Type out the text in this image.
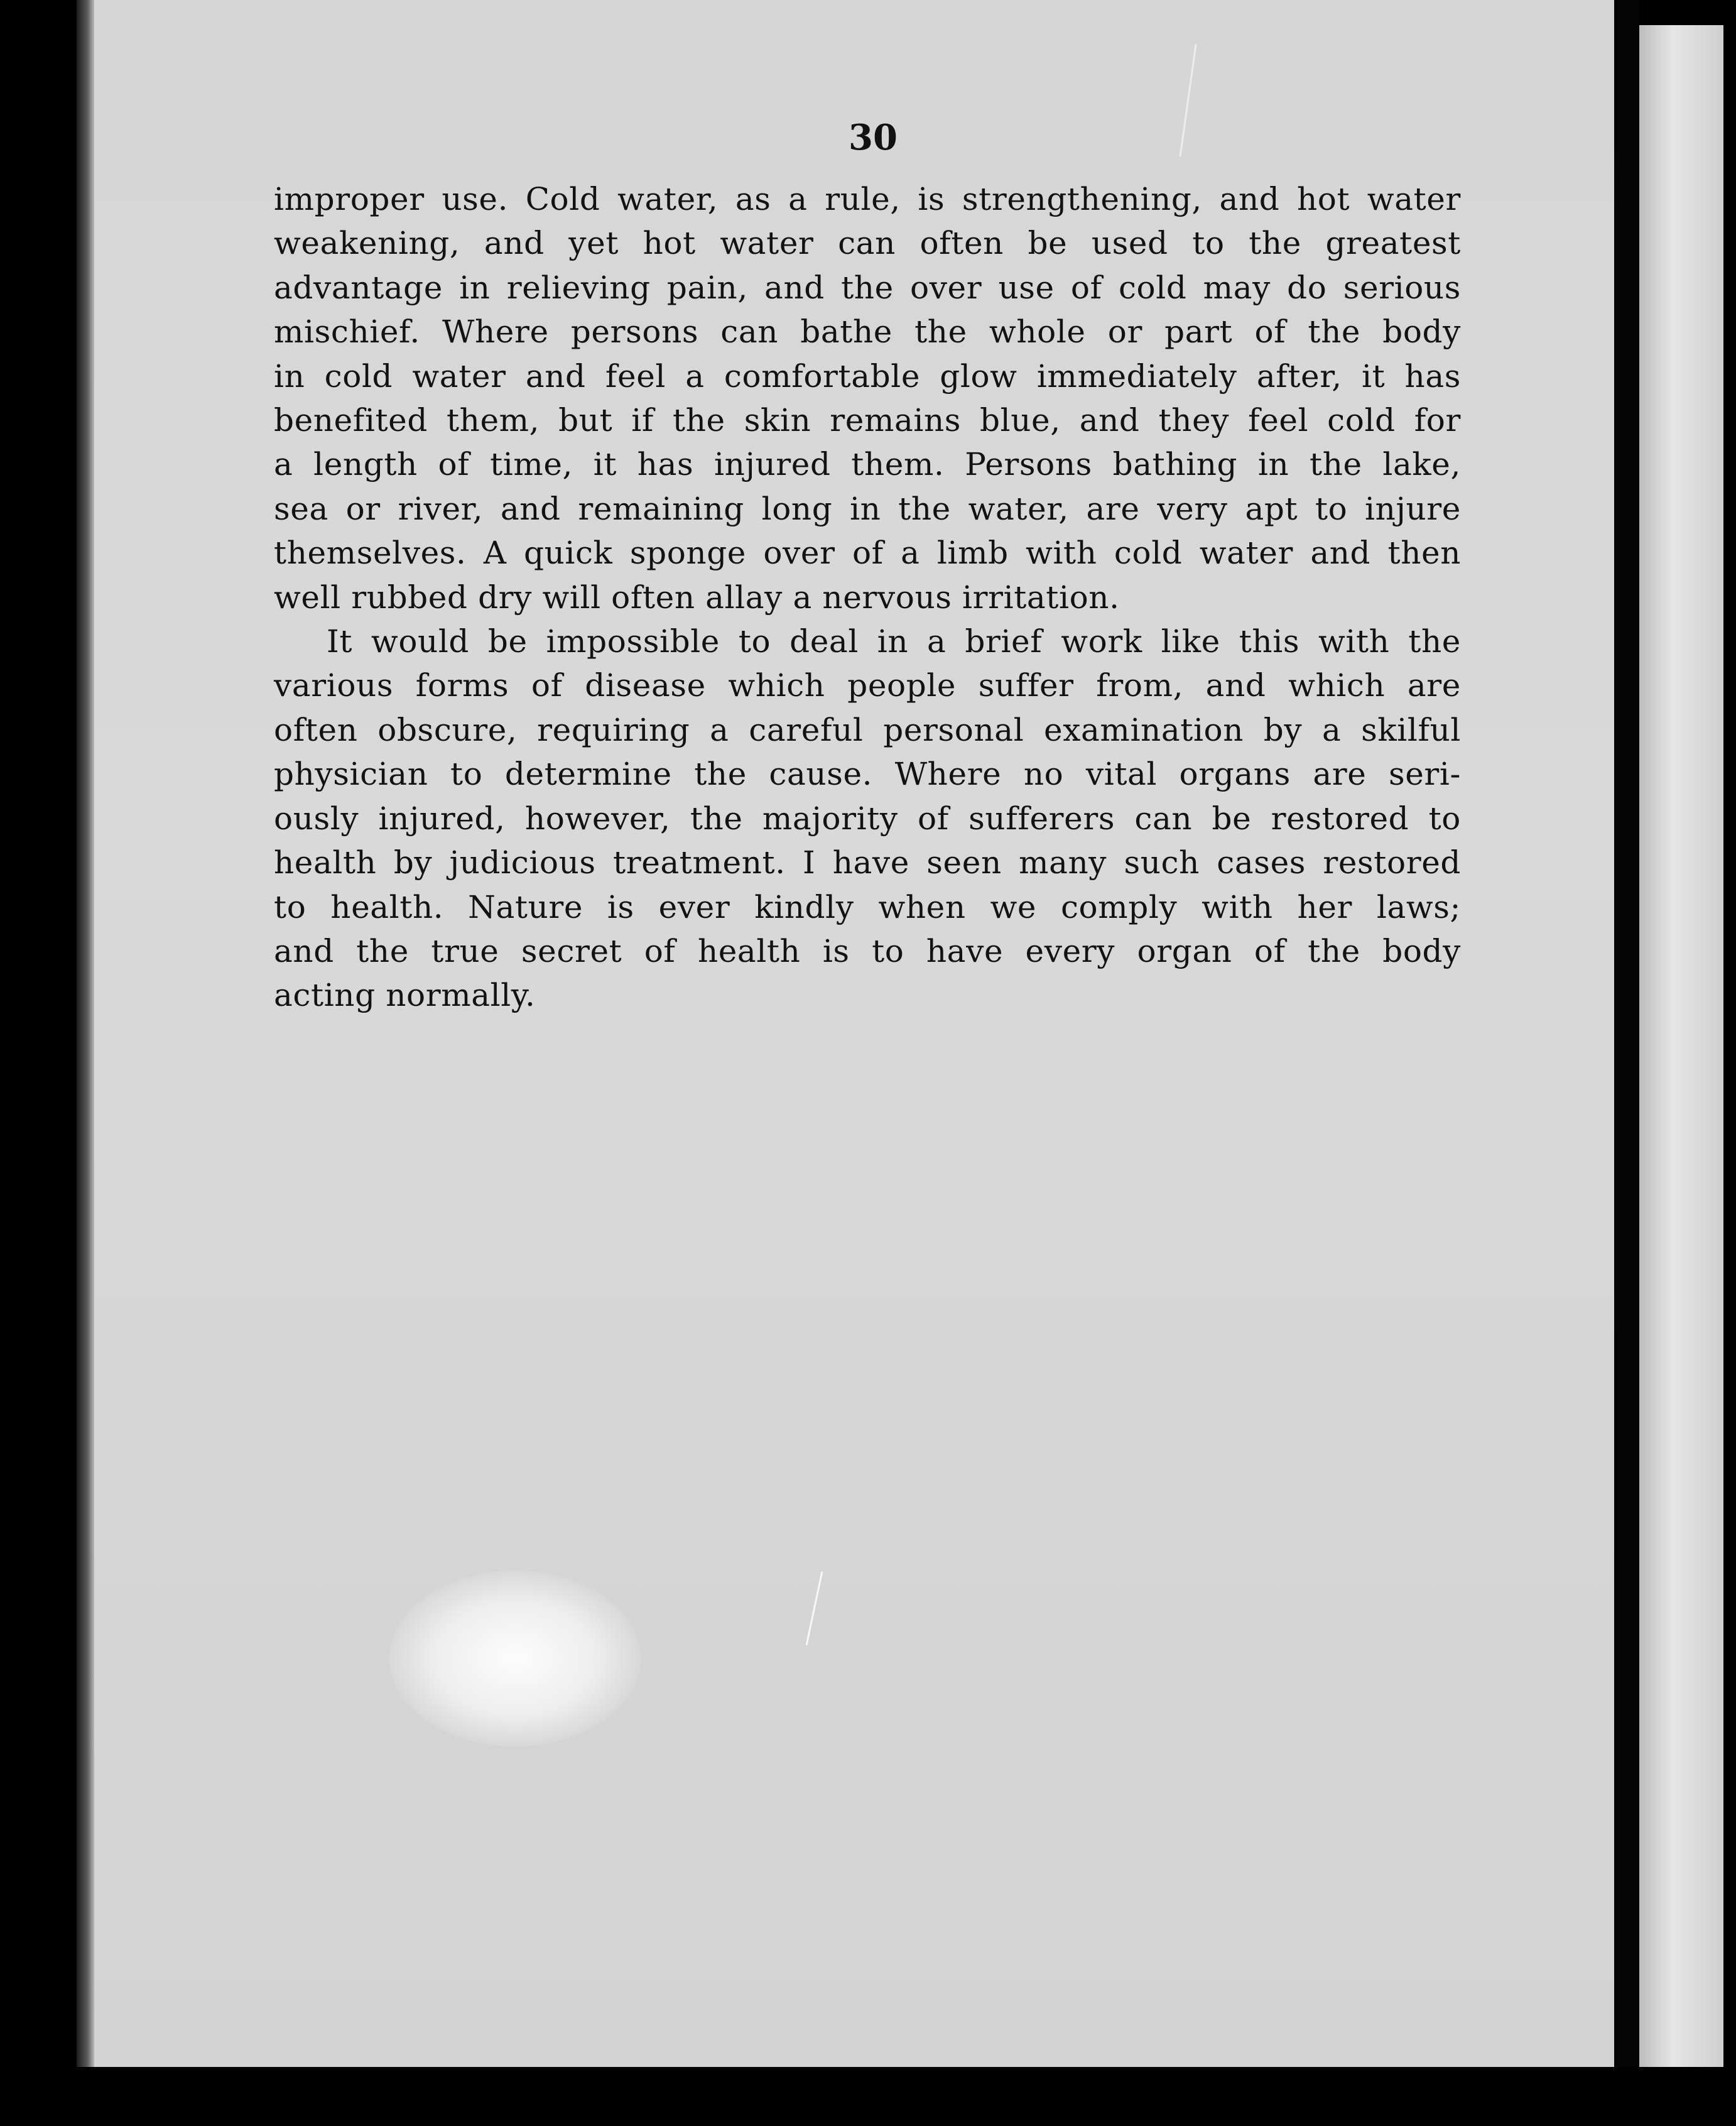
30

improper use. Cold water, as a rule, is strengthening, and hot water
weakening, and yet hot water can often be used to the greatest
advantage in relieving pain, and the over use of cold may do serious
mischief. Where persons can bathe the whole or part of the body
in cold water and feel a comfortable glow immediately after, it has
benefited them, but if the skin remains blue, and they feel cold for
a length of time, it has injured them. Persons bathing in the lake,
sea or river, and remaining long in the water, are very apt to injure
themselves. A quick sponge over of a limb with cold water and then
well rubbed dry will often allay a nervous irritation.

It would be impossible to deal in a brief work like this with the
various forms of disease which people suffer from, and which are
often obscure, requiring a careful personal examination by a skilful
physician to determine the cause. Where no vital organs are seri-
ously injured, however, the majority of sufferers can be restored to
health by judicious treatment. I have seen many such cases restored
to health. Nature is ever kindly when we comply with her laws;
and the true secret of health is to have every organ of the body
acting normally.
